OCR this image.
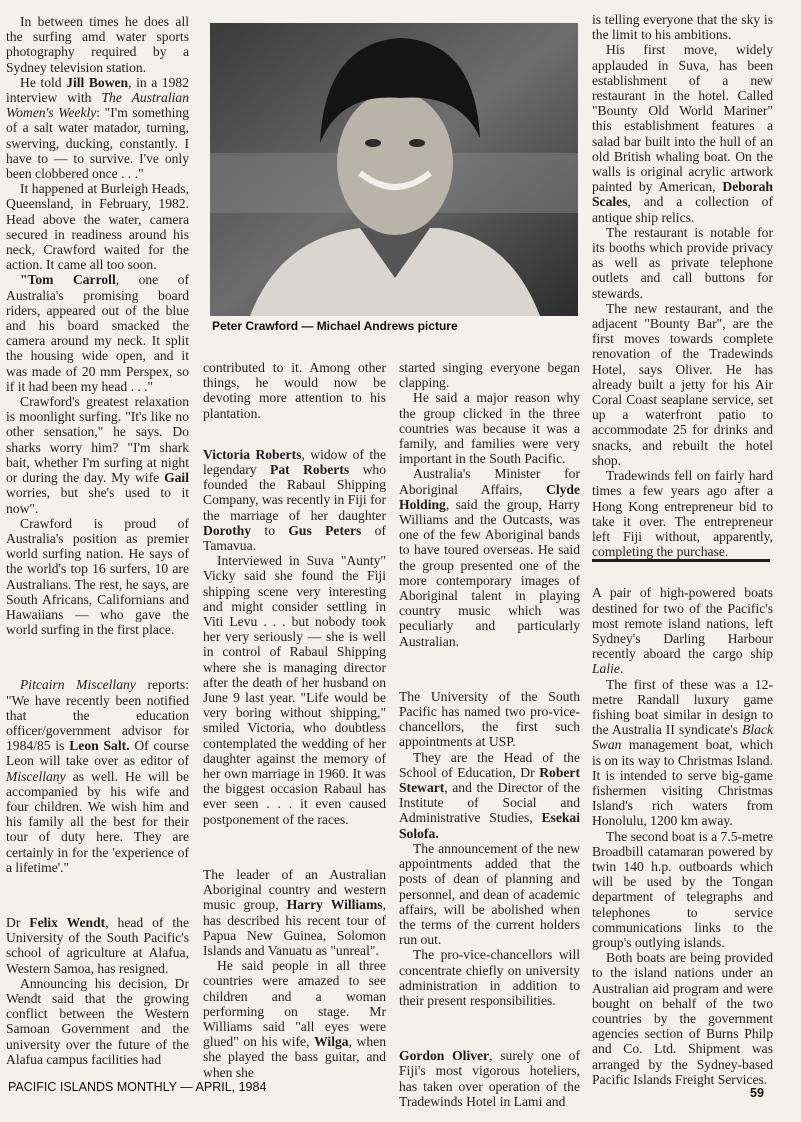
In between times he does all the surfing amd water sports photography required by a Sydney television station.

He told Jill Bowen, in a 1982 interview with The Australian Women's Weekly: "I'm something of a salt water matador, turning, swerving, ducking, constantly. I have to — to survive. I've only been clobbered once . . ."

It happened at Burleigh Heads, Queensland, in February, 1982. Head above the water, camera secured in readiness around his neck, Crawford waited for the action. It came all too soon.

"Tom Carroll, one of Australia's promising board riders, appeared out of the blue and his board smacked the camera around my neck. It split the housing wide open, and it was made of 20 mm Perspex, so if it had been my head . . ."

Crawford's greatest relaxation is moonlight surfing. "It's like no other sensation," he says. Do sharks worry him? "I'm shark bait, whether I'm surfing at night or during the day. My wife Gail worries, but she's used to it now".

Crawford is proud of Australia's position as premier world surfing nation. He says of the world's top 16 surfers, 10 are Australians. The rest, he says, are South Africans, Californians and Hawaiians — who gave the world surfing in the first place.

Pitcairn Miscellany reports: "We have recently been notified that the education officer/government advisor for 1984/85 is Leon Salt. Of course Leon will take over as editor of Miscellany as well. He will be accompanied by his wife and four children. We wish him and his family all the best for their tour of duty here. They are certainly in for the 'experience of a lifetime'."

Dr Felix Wendt, head of the University of the South Pacific's school of agriculture at Alafua, Western Samoa, has resigned.

Announcing his decision, Dr Wendt said that the growing conflict between the Western Samoan Government and the university over the future of the Alafua campus facilities had

Peter Crawford — Michael Andrews picture

contributed to it. Among other things, he would now be devoting more attention to his plantation.

Victoria Roberts, widow of the legendary Pat Roberts who founded the Rabaul Shipping Company, was recently in Fiji for the marriage of her daughter Dorothy to Gus Peters of Tamavua.

Interviewed in Suva "Aunty" Vicky said she found the Fiji shipping scene very interesting and might consider settling in Viti Levu . . . but nobody took her very seriously — she is well in control of Rabaul Shipping where she is managing director after the death of her husband on June 9 last year. "Life would be very boring without shipping," smiled Victoria, who doubtless contemplated the wedding of her daughter against the memory of her own marriage in 1960. It was the biggest occasion Rabaul has ever seen . . . it even caused postponement of the races.

The leader of an Australian Aboriginal country and western music group, Harry Williams, has described his recent tour of Papua New Guinea, Solomon Islands and Vanuatu as "unreal".

He said people in all three countries were amazed to see children and a woman performing on stage. Mr Williams said "all eyes were glued" on his wife, Wilga, when she played the bass guitar, and when she

started singing everyone began clapping.

He said a major reason why the group clicked in the three countries was because it was a family, and families were very important in the South Pacific.

Australia's Minister for Aboriginal Affairs, Clyde Holding, said the group, Harry Williams and the Outcasts, was one of the few Aboriginal bands to have toured overseas. He said the group presented one of the more contemporary images of Aboriginal talent in playing country music which was peculiarly and particularly Australian.

The University of the South Pacific has named two pro-vice-chancellors, the first such appointments at USP.

They are the Head of the School of Education, Dr Robert Stewart, and the Director of the Institute of Social and Administrative Studies, Esekai Solofa.

The announcement of the new appointments added that the posts of dean of planning and personnel, and dean of academic affairs, will be abolished when the terms of the current holders run out.

The pro-vice-chancellors will concentrate chiefly on university administration in addition to their present responsibilities.

Gordon Oliver, surely one of Fiji's most vigorous hoteliers, has taken over operation of the Tradewinds Hotel in Lami and

is telling everyone that the sky is the limit to his ambitions.

His first move, widely applauded in Suva, has been establishment of a new restaurant in the hotel. Called "Bounty Old World Mariner" this establishment features a salad bar built into the hull of an old British whaling boat. On the walls is original acrylic artwork painted by American, Deborah Scales, and a collection of antique ship relics.

The restaurant is notable for its booths which provide privacy as well as private telephone outlets and call buttons for stewards.

The new restaurant, and the adjacent "Bounty Bar", are the first moves towards complete renovation of the Tradewinds Hotel, says Oliver. He has already built a jetty for his Air Coral Coast seaplane service, set up a waterfront patio to accommodate 25 for drinks and snacks, and rebuilt the hotel shop.

Tradewinds fell on fairly hard times a few years ago after a Hong Kong entrepreneur bid to take it over. The entrepreneur left Fiji without, apparently, completing the purchase.

A pair of high-powered boats destined for two of the Pacific's most remote island nations, left Sydney's Darling Harbour recently aboard the cargo ship Lalie.

The first of these was a 12-metre Randall luxury game fishing boat similar in design to the Australia II syndicate's Black Swan management boat, which is on its way to Christmas Island. It is intended to serve big-game fishermen visiting Christmas Island's rich waters from Honolulu, 1200 km away.

The second boat is a 7.5-metre Broadbill catamaran powered by twin 140 h.p. outboards which will be used by the Tongan department of telegraphs and telephones to service communications links to the group's outlying islands.

Both boats are being provided to the island nations under an Australian aid program and were bought on behalf of the two countries by the government agencies section of Burns Philp and Co. Ltd. Shipment was arranged by the Sydney-based Pacific Islands Freight Services.

PACIFIC ISLANDS MONTHLY — APRIL, 1984	59
